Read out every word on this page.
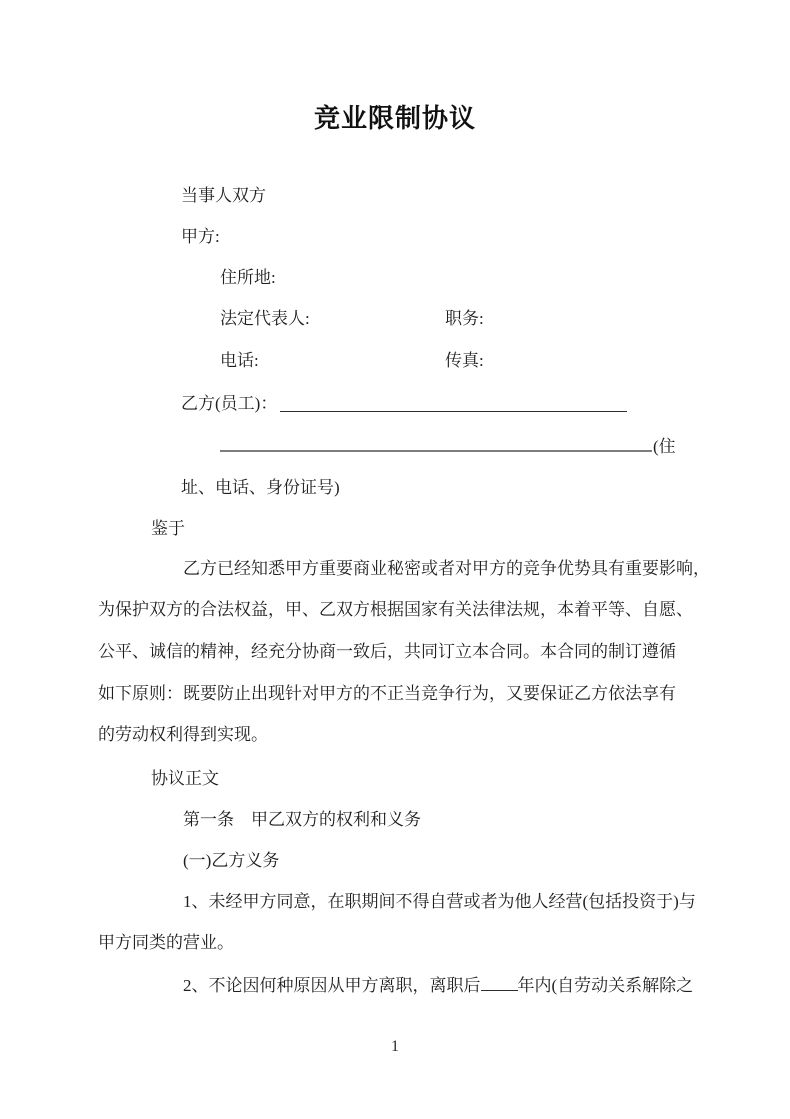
竞业限制协议
当事人双方
甲方:
住所地:
法定代表人:	职务:
电话:	传真:
乙方(员工)：
(住
址、电话、身份证号)
鉴于
乙方已经知悉甲方重要商业秘密或者对甲方的竞争优势具有重要影响，
为保护双方的合法权益，甲、乙双方根据国家有关法律法规，本着平等、自愿、
公平、诚信的精神，经充分协商一致后，共同订立本合同。本合同的制订遵循
如下原则：既要防止出现针对甲方的不正当竞争行为，又要保证乙方依法享有
的劳动权利得到实现。
协议正文
第一条　甲乙双方的权利和义务
(一)乙方义务
1、未经甲方同意，在职期间不得自营或者为他人经营(包括投资于)与
甲方同类的营业。
2、不论因何种原因从甲方离职，离职后 年内(自劳动关系解除之
1
